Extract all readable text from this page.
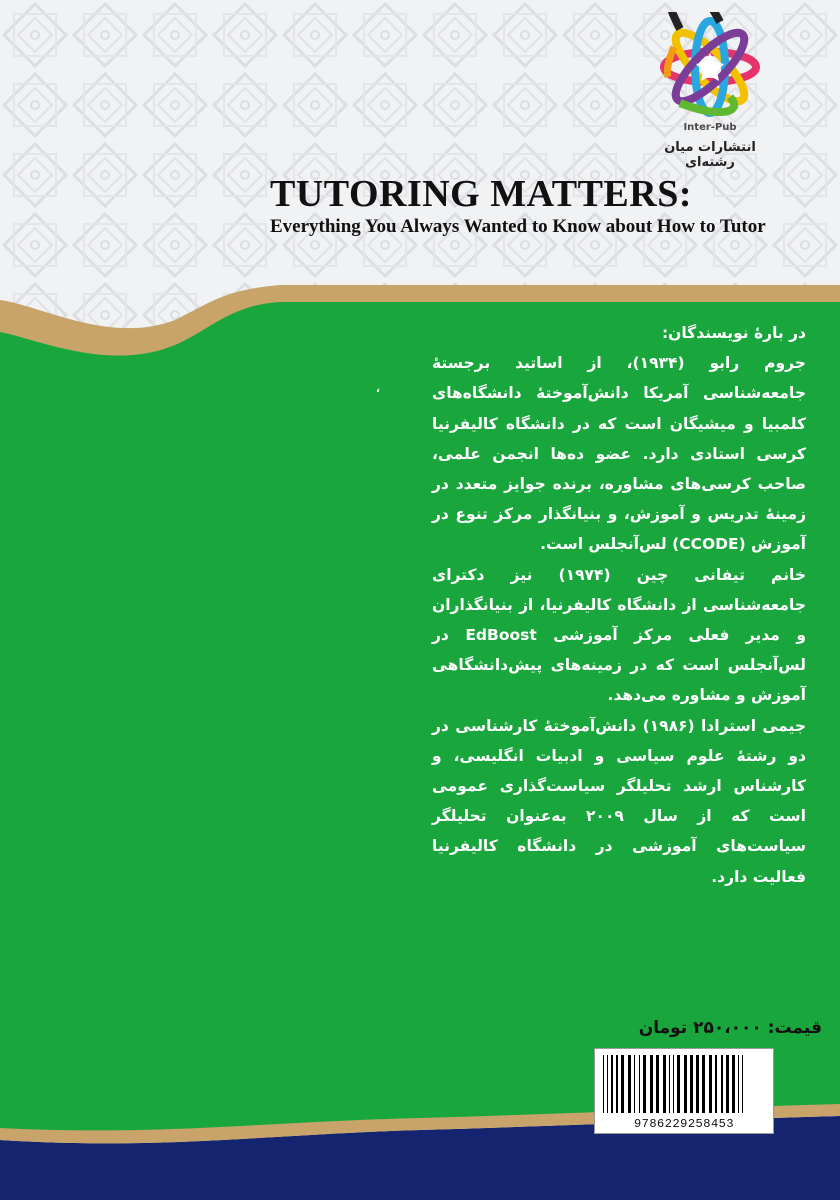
Inter-Pub
انتشارات میان رشته‌ای
TUTORING MATTERS:
Everything You Always Wanted to Know about How to Tutor
،

در بارۀ نویسندگان:

جروم رابو (۱۹۳۴)، از اساتید برجستۀ جامعه‌شناسی آمریکا دانش‌آموختۀ دانشگاه‌های کلمبیا و میشیگان است که در دانشگاه کالیفرنیا کرسی استادی دارد. عضو ده‌ها انجمن علمی، صاحب کرسی‌های مشاوره، برنده جوایز متعدد در زمینۀ تدریس و آموزش، و بنیانگذار مرکز تنوع در آموزش (CCODE) لس‌آنجلس است.

خانم تیفانی چین (۱۹۷۴) نیز دکترای جامعه‌شناسی از دانشگاه کالیفرنیا، از بنیانگذاران و مدیر فعلی مرکز آموزشی EdBoost در لس‌آنجلس است که در زمینه‌های پیش‌دانشگاهی آموزش و مشاوره می‌دهد.

جیمی استرادا (۱۹۸۶) دانش‌آموختۀ کارشناسی در دو رشتۀ علوم سیاسی و ادبیات انگلیسی، و کارشناس ارشد تحلیلگر سیاست‌گذاری عمومی است که از سال ۲۰۰۹ به‌عنوان تحلیلگر سیاست‌های آموزشی در دانشگاه کالیفرنیا فعالیت دارد.

قیمت: ۲۵۰،۰۰۰ تومان
9786229258453
